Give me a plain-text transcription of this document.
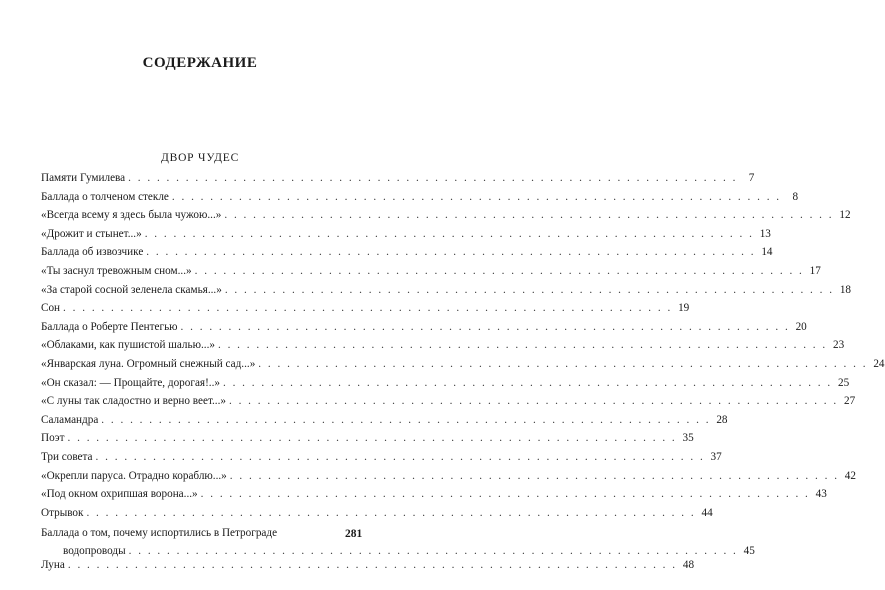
СОДЕРЖАНИЕ
ДВОР ЧУДЕС
Памяти Гумилева . . .	7
Баллада о толченом стекле . . .	8
«Всегда всему я здесь была чужою...» . . .	12
«Дрожит и стынет...» . . .	13
Баллада об извозчике . . .	14
«Ты заснул тревожным сном...» . . .	17
«За старой сосной зеленела скамья...» . . .	18
Сон . . .	19
Баллада о Роберте Пентегью . . .	20
«Облаками, как пушистой шалью...» . . .	23
«Январская луна. Огромный снежный сад...» . . .	24
«Он сказал: — Прощайте, дорогая!..» . . .	25
«С луны так сладостно и верно веет...» . . .	27
Саламандра . . .	28
Поэт . . .	35
Три совета . . .	37
«Окрепли паруса. Отрадно кораблю...» . . .	42
«Под окном охрипшая ворона...» . . .	43
Отрывок . . .	44
Баллада о том, почему испортились в Петрограде
водопроводы . . .	45
Луна . . .	48
281
